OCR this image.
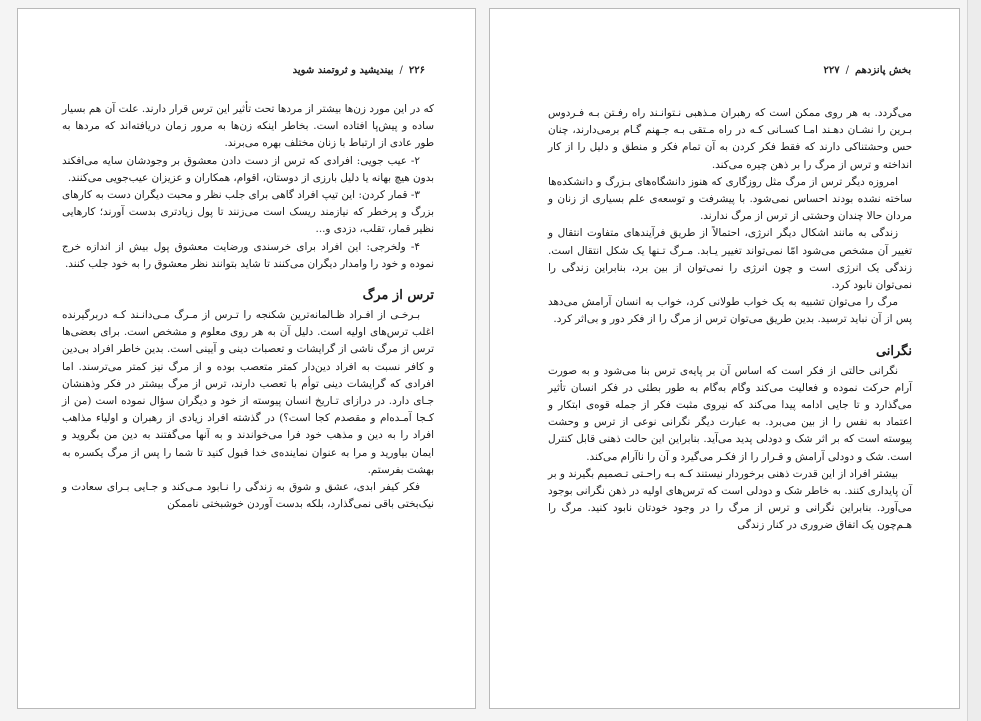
۲۲۶/بیندیشید و ثروتمند شوید

که در این مورد زن‌ها بیشتر از مردها تحت تأثیر این ترس قرار دارند. علت آن هم بسیار ساده و پیش‌پا افتاده است. بخاطر اینکه زن‌ها به مرور زمان دریافته‌اند که مردها به طور عادی از ارتباط با زنان مختلف بهره می‌برند.

۲- عیب جویی: افرادی که ترس از دست دادن معشوق بر وجودشان سایه می‌افکند بدون هیچ بهانه یا دلیل بارزی از دوستان، اقوام، همکاران و عزیزان عیب‌جویی می‌کنند.

۳- قمار کردن: این تیپ افراد گاهی برای جلب نظر و محبت دیگران دست به کارهای بزرگ و پرخطر که نیازمند ریسک است می‌زنند تا پول زیادتری بدست آورند؛ کارهایی نظیر قمار، تقلب، دزدی و...

۴- ولخرجی: این افراد برای خرسندی ورضایت معشوق پول بیش از اندازه خرج نموده و خود را وامدار دیگران می‌کنند تا شاید بتوانند نظر معشوق را به خود جلب کنند.

ترس از مرگ

بـرخـی از افـراد ظـالمانه‌ترین شکنجه را تـرس از مـرگ مـی‌دانـند کـه دربرگیرنده اغلب ترس‌های اولیه است. دلیل آن به هر روی معلوم و مشخص است. برای بعضی‌ها ترس از مرگ ناشی از گرایشات و تعصبات دینی و آیینی است. بدین خاطر افراد بی‌دین و کافر نسبت به افراد دین‌دار کمتر متعصب بوده و از مرگ نیز کمتر می‌ترسند. اما افرادی که گرایشات دینی توأم با تعصب دارند، ترس از مرگ بیشتر در فکر وذهنشان جـای دارد. در درازای تـاریخ انسان پیوسته از خود و دیگران سؤال نموده است (من از کـجا آمـده‌ام و مقصدم کجا است؟) در گذشته افراد زیادی از رهبران و اولیاء مذاهب افراد را به دین و مذهب خود فرا می‌خواندند و به آنها می‌گفتند به دین من بگروید و ایمان بیاورید و مرا به عنوان نماینده‌ی خدا قبول کنید تا شما را پس از مرگ یکسره به بهشت بفرستم.

فکر کیفر ابدی، عشق و شوق به زندگی را نـابود مـی‌کند و جـایی بـرای سعادت و نیک‌بختی باقی نمی‌گذارد، بلکه بدست آوردن خوشبختی ناممکن

بخش پانزدهم/۲۲۷

می‌گردد. به هر روی ممکن است که رهبران مـذهبی نـتوانـند راه رفـتن بـه فـردوس بـرین را نشـان دهـند امـا کسـانی کـه در راه مـتقی بـه جـهنم گـام برمی‌دارند، چنان حس وحشتناکی دارند که فقط فکر کردن به آن تمام فکر و منطق و دلیل را از کار انداخته و ترس از مرگ را بر ذهن چیره می‌کند.

امروزه دیگر ترس از مرگ مثل روزگاری که هنوز دانشگاه‌های بـزرگ و دانشکده‌ها ساخته نشده بودند احساس نمی‌شود. با پیشرفت و توسعه‌ی علم بسیاری از زنان و مردان حالا چندان وحشتی از ترس از مرگ ندارند.

زندگی به مانند اشکال دیگر انرژی، احتمالاً از طریق فرآیندهای متفاوت انتقال و تغییر آن مشخص می‌شود امّا نمی‌تواند تغییر یـابد. مـرگ تـنها یک شکل انتقال است. زندگی یک انرژی است و چون انرژی را نمی‌توان از بین برد، بنابراین زندگی را نمی‌توان نابود کرد.

مرگ را می‌توان تشبیه به یک خواب طولانی کرد، خواب به انسان آرامش می‌دهد پس از آن نباید ترسید. بدین طریق می‌توان ترس از مرگ را از فکر دور و بی‌اثر کرد.

نگرانی

نگرانی حالتی از فکر است که اساس آن بر پایه‌ی ترس بنا می‌شود و به صورت آرام حرکت نموده و فعالیت می‌کند وگام به‌گام به طور بطئی در فکر انسان تأثیر می‌گذارد و تا جایی ادامه پیدا می‌کند که نیروی مثبت فکر از جمله قوه‌ی ابتکار و اعتماد به نفس را از بین می‌برد. به عبارت دیگر نگرانی نوعی از ترس و وحشت پیوسته است که بر اثر شک و دودلی پدید می‌آید. بنابراین این حالت ذهنی قابل کنترل است. شک و دودلی آرامش و قـرار را از فکـر می‌گیرد و آن را ناآرام می‌کند.

بیشتر افراد از این قدرت ذهنی برخوردار نیستند کـه بـه راحـتی تـصمیم بگیرند و بر آن پایداری کنند. به خاطر شک و دودلی است که ترس‌های اولیه در ذهن نگرانی بوجود می‌آورد. بنابراین نگرانی و ترس از مرگ را در وجود خودتان نابود کنید. مرگ را هـم‌چون یک اتفاق ضروری در کنار زندگی
